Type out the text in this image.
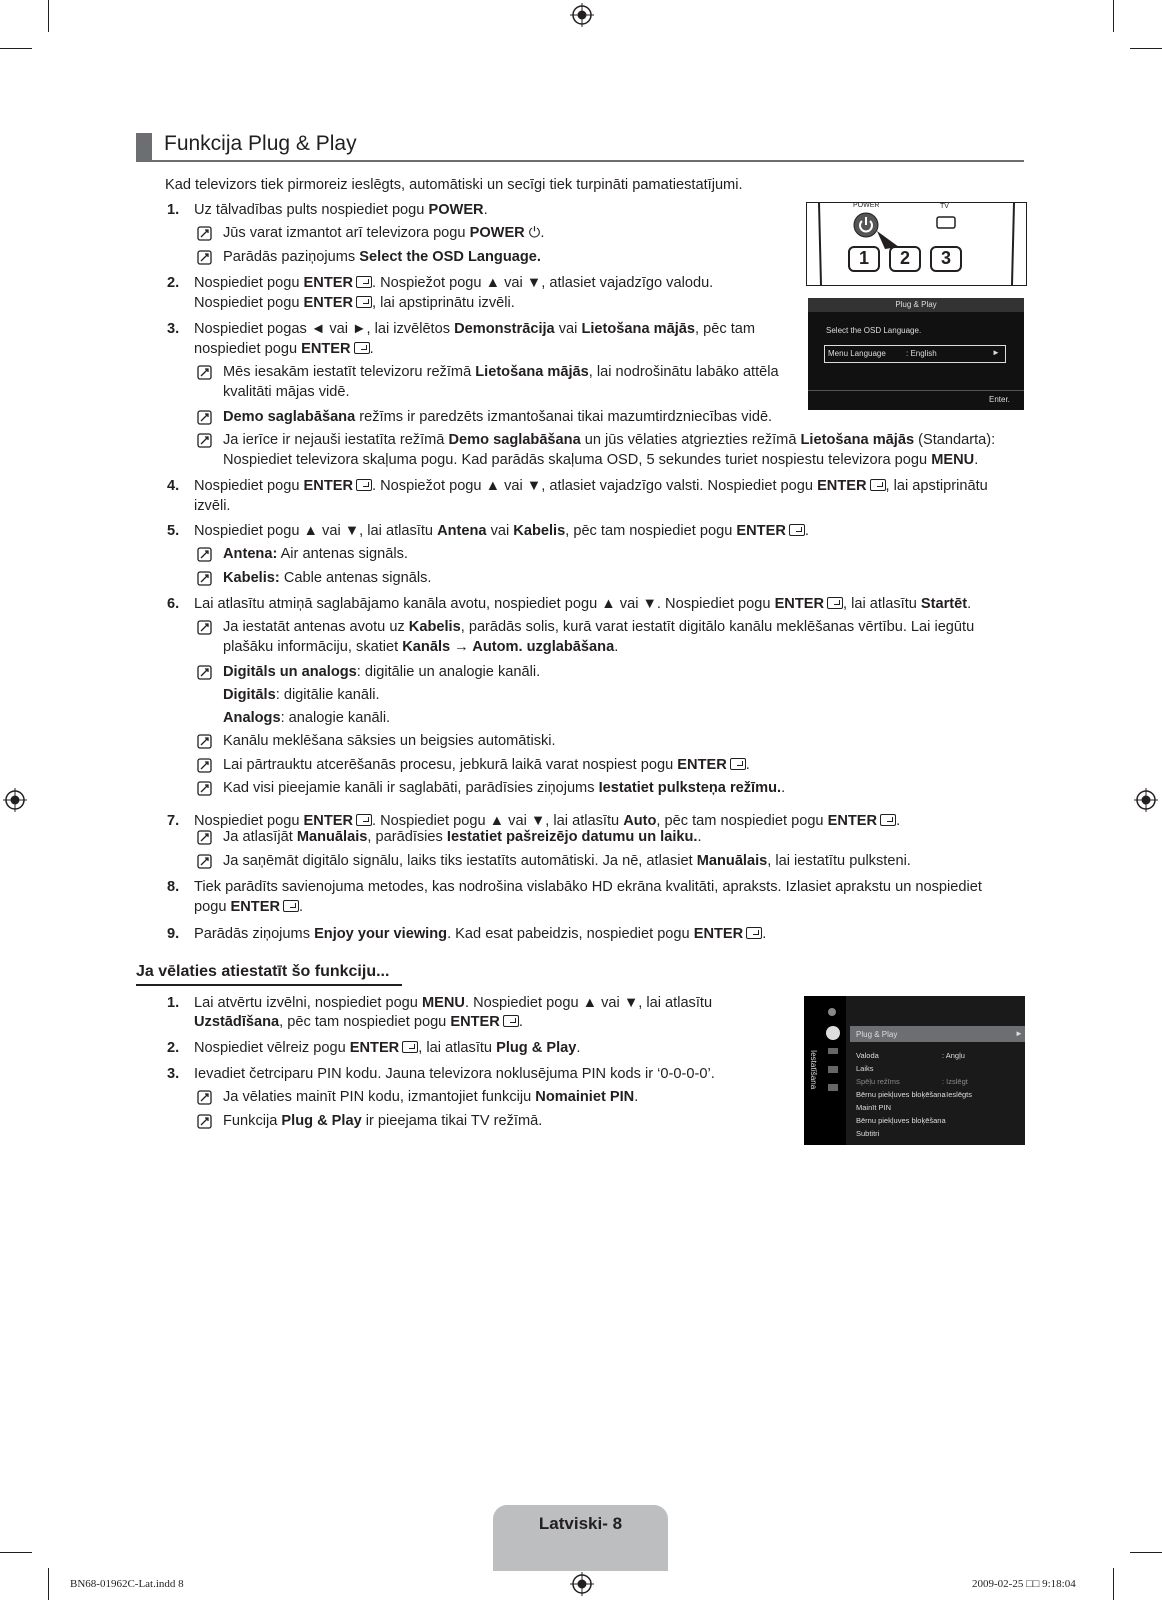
Funkcija Plug & Play
Kad televizors tiek pirmoreiz ieslēgts, automātiski un secīgi tiek turpināti pamatiestatījumi.
1. Uz tālvadības pults nospiediet pogu POWER.
2. Nospiediet pogu ENTER . Nospiežot pogu ▲ vai ▼, atlasiet vajadzīgo valodu.
3. Nospiediet pogas ◄ vai ►, lai izvēlētos Demonstrācija vai Lietošana mājās, pēc tam
4. Nospiediet pogu ENTER . Nospiežot pogu ▲ vai ▼, atlasiet vajadzīgo valsti. Nospiediet pogu ENTER , lai apstiprinātu
5. Nospiediet pogu ▲ vai ▼, lai atlasītu Antena vai Kabelis, pēc tam nospiediet pogu ENTER .
6. Lai atlasītu atmiņā saglabājamo kanāla avotu, nospiediet pogu ▲ vai ▼. Nospiediet pogu ENTER , lai atlasītu Startēt.
7. Nospiediet pogu ENTER . Nospiediet pogu ▲ vai ▼, lai atlasītu Auto, pēc tam nospiediet pogu ENTER .
8. Tiek parādīts savienojuma metodes, kas nodrošina vislabāko HD ekrāna kvalitāti, apraksts. Izlasiet aprakstu un nospiediet
9. Parādās ziņojums Enjoy your viewing. Kad esat pabeidzis, nospiediet pogu ENTER .
Jūs varat izmantot arī televizora pogu POWER ⏻.
Parādās paziņojums Select the OSD Language.
Mēs iesakām iestatīt televizoru režīmā Lietošana mājās, lai nodrošinātu labāko attēla
Demo saglabāšana režīms ir paredzēts izmantošanai tikai mazumtirdzniecības vidē.
Ja ierīce ir nejauši iestatīta režīmā Demo saglabāšana un jūs vēlaties atgriezties režīmā Lietošana mājās (Standarta):
Antena: Air antenas signāls.
Kabelis: Cable antenas signāls.
Ja iestatāt antenas avotu uz Kabelis, parādās solis, kurā varat iestatīt digitālo kanālu meklēšanas vērtību. Lai iegūtu
Digitāls un analogs: digitālie un analogie kanāli.
Kanālu meklēšana sāksies un beigsies automātiski.
Lai pārtrauktu atcerēšanās procesu, jebkurā laikā varat nospiest pogu ENTER .
Kad visi pieejamie kanāli ir saglabāti, parādīsies ziņojums Iestatiet pulksteņa režīmu..
Ja atlasījāt Manuālais, parādīsies Iestatiet pašreizējo datumu un laiku..
Ja saņēmāt digitālo signālu, laiks tiks iestatīts automātiski. Ja nē, atlasiet Manuālais, lai iestatītu pulksteni.
Nospiediet pogu ENTER , lai apstiprinātu izvēli.
nospiediet pogu ENTER .
kvalitāti mājas vidē.
Nospiediet televizora skaļuma pogu. Kad parādās skaļuma OSD, 5 sekundes turiet nospiestu televizora pogu MENU.
izvēli.
plašāku informāciju, skatiet Kanāls → Autom. uzglabāšana.
Digitāls: digitālie kanāli.
Analogs: analogie kanāli.
pogu ENTER .
1. Lai atvērtu izvēlni, nospiediet pogu MENU. Nospiediet pogu ▲ vai ▼, lai atlasītu
Uzstādīšana, pēc tam nospiediet pogu ENTER .
2. Nospiediet vēlreiz pogu ENTER , lai atlasītu Plug & Play.
3. Ievadiet četrciparu PIN kodu. Jauna televizora noklusējuma PIN kods ir ‘0-0-0-0’.
Ja vēlaties mainīt PIN kodu, izmantojiet funkciju Nomainiet PIN.
Funkcija Plug & Play ir pieejama tikai TV režīmā.
POWER	TV
1 2 3
Plug & Play
Select the OSD Language.
Menu Language	: English	►
Enter.
Iestatīšana
Plug & Play	►
Valoda	: Angļu
Laiks
Spēļu režīms	: Izslēgt
Bērnu piekļuves bloķēšana
: Ieslēgts
Mainīt PIN
Bērnu piekļuves bloķēšana
Subtitri
Latviski- 8
BN68-01962C-Lat.indd 8	2009-02-25 □□ 9:18:04
Ja vēlaties atiestatīt šo funkciju...
